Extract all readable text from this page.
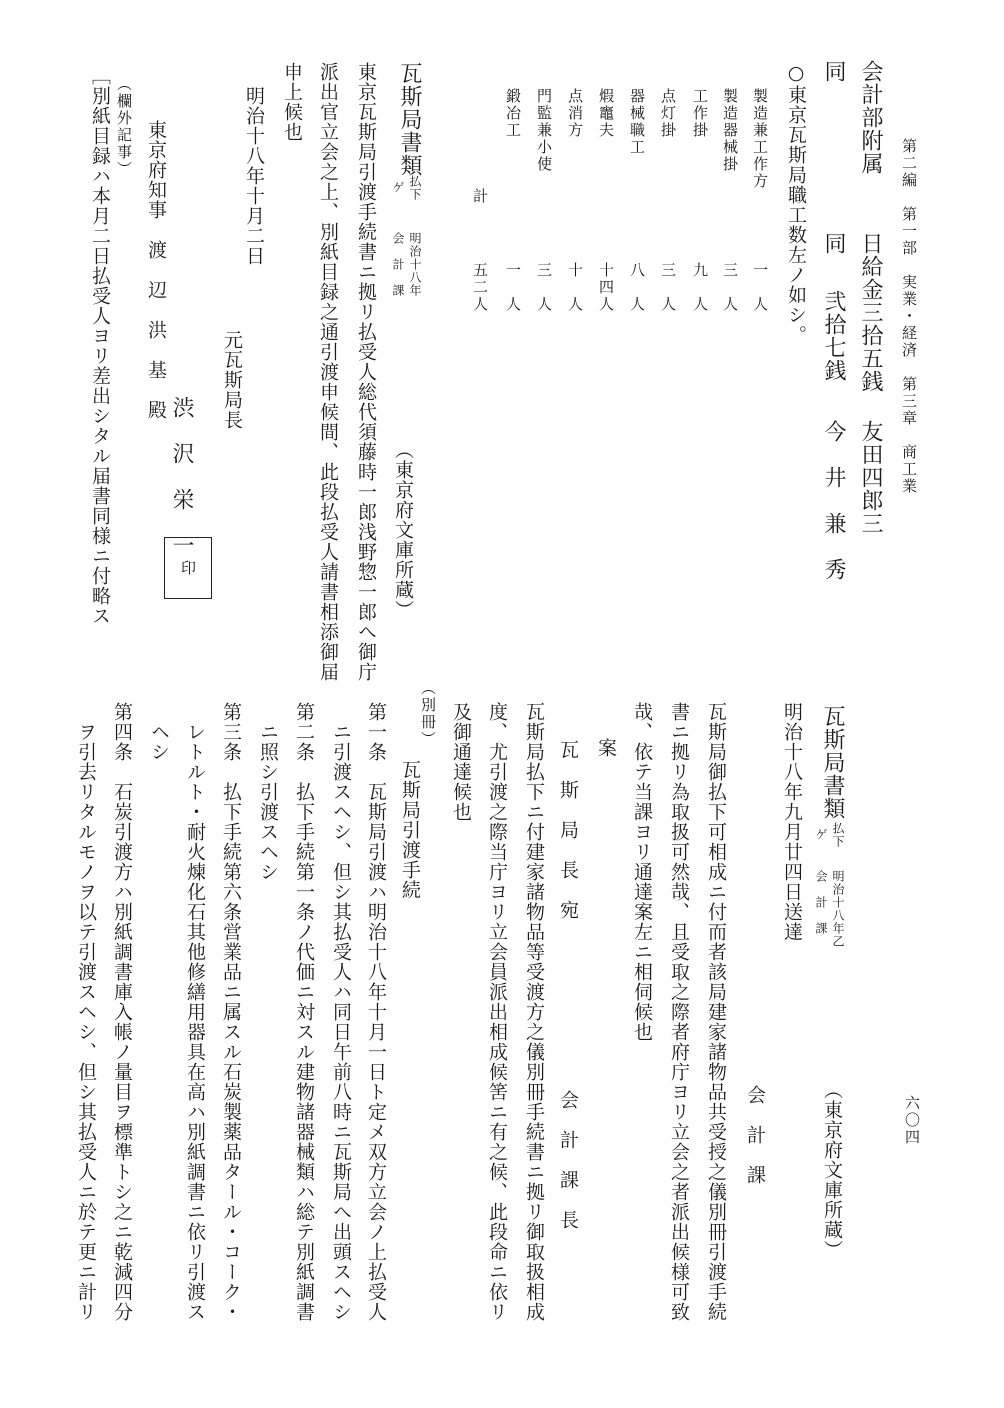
第二編　第一部　実業・経済　第三章　商工業
六〇四
会計部附属
同
日給金三拾五銭
同
弐拾七銭
友田四郎三
今　井　兼　秀
○東京瓦斯局職工数左ノ如シ。
製造兼工作方
一　人
製造器械掛
三　人
工作掛
九　人
点灯掛
三　人
器械職工
八　人
煆竈夫
十四人
点消方
十　人
門監兼小使
三　人
鍛冶工
一　人
計
五二人
瓦斯局書類
払下
ゲ
明治十八年
会　計　課
（東京府文庫所蔵）
東京瓦斯局引渡手続書ニ拠リ払受人総代須藤時一郎浅野惣一郎へ御庁
派出官立会之上、別紙目録之通引渡申候間、此段払受人請書相添御届
申上候也
明治十八年十月二日
元瓦斯局長
渋　沢　栄　一
印
東京府知事　渡　辺　洪　基　殿
（欄外記事）
［別紙目録ハ本月二日払受人ヨリ差出シタル届書同様ニ付略ス
瓦斯局書類
払下
ゲ
明治十八年乙
会　計　課
（東京府文庫所蔵）
明治十八年九月廿四日送達
会　計　課
瓦斯局御払下可相成ニ付而者該局建家諸物品共受授之儀別冊引渡手続
書ニ拠リ為取扱可然哉、且受取之際者府庁ヨリ立会之者派出候様可致
哉、依テ当課ヨリ通達案左ニ相伺候也
案
瓦　斯　局　長　宛
会　計　課　長
瓦斯局払下ニ付建家諸物品等受渡方之儀別冊手続書ニ拠リ御取扱相成
度、尤引渡之際当庁ヨリ立会員派出相成候筈ニ有之候、此段命ニ依リ
及御通達候也
（別冊）
瓦斯局引渡手続
第一条　瓦斯局引渡ハ明治十八年十月一日ト定メ双方立会ノ上払受人
ニ引渡スヘシ、但シ其払受人ハ同日午前八時ニ瓦斯局へ出頭スヘシ
第二条　払下手続第一条ノ代価ニ対スル建物諸器械類ハ総テ別紙調書
ニ照シ引渡スヘシ
第三条　払下手続第六条営業品ニ属スル石炭製薬品タール・コーク・
レトルト・耐火煉化石其他修繕用器具在高ハ別紙調書ニ依リ引渡ス
ヘシ
第四条　石炭引渡方ハ別紙調書庫入帳ノ量目ヲ標準トシ之ニ乾減四分
ヲ引去リタルモノヲ以テ引渡スヘシ、但シ其払受人ニ於テ更ニ計リ
